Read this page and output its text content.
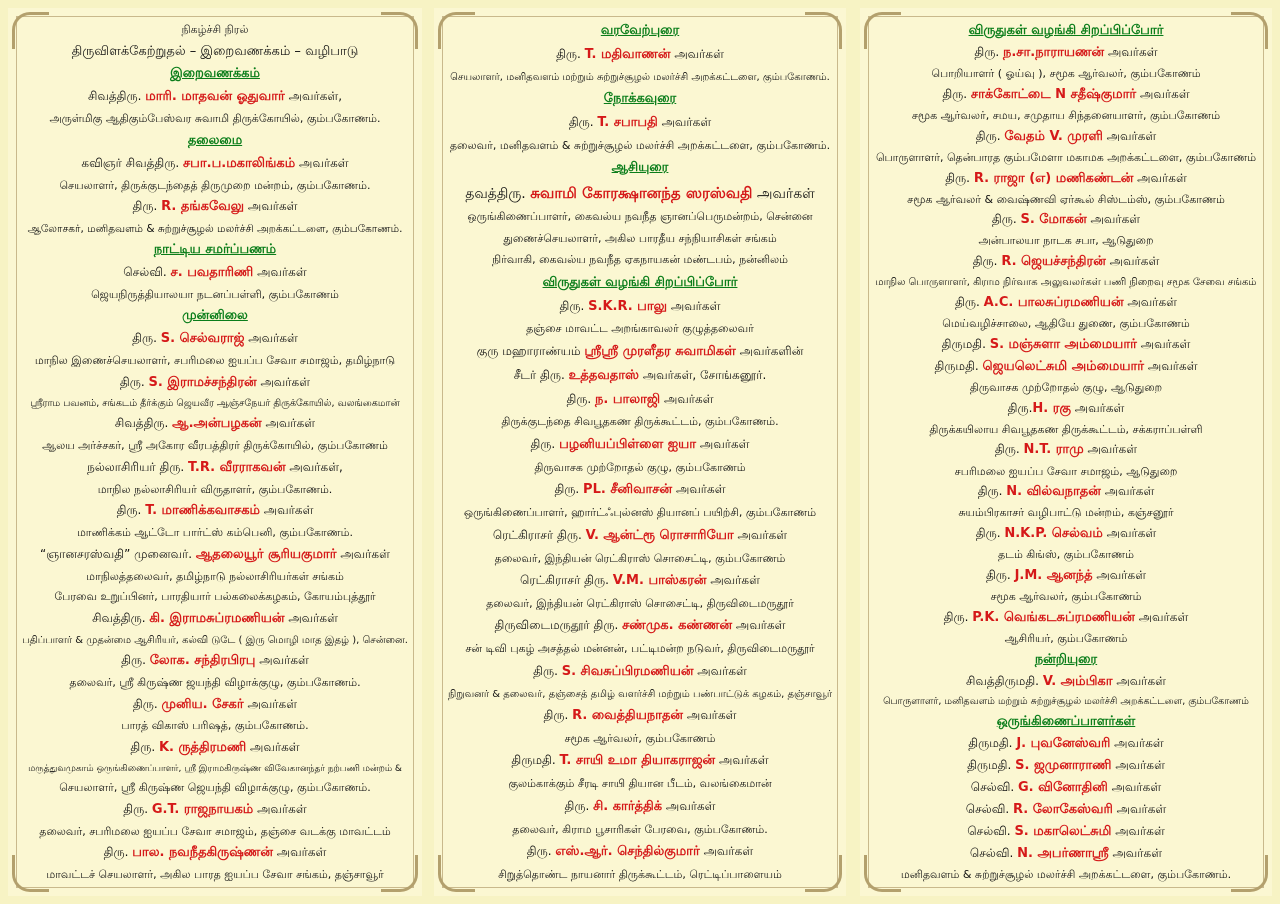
நிகழ்ச்சி நிரல்
திருவிளக்கேற்றுதல் – இறைவணக்கம் – வழிபாடு
இறைவணக்கம்
சிவத்திரு. மாரி. மாதவன் ஓதுவார் அவர்கள்,
அருள்மிகு ஆதிகும்பேஸ்வர சுவாமி திருக்கோயில், கும்பகோணம்.
தலைமை
கவிஞர் சிவத்திரு. சபா.ப.மகாலிங்கம் அவர்கள்
செயலாளர், திருக்குடந்தைத் திருமுறை மன்றம், கும்பகோணம்.
திரு. R. தங்கவேலு அவர்கள்
ஆலோசகர், மனிதவளம் & சுற்றுச்சூழல் மலர்ச்சி அறக்கட்டளை, கும்பகோணம்.
நாட்டிய சமர்ப்பணம்
செல்வி. ச. பவதாரிணி அவர்கள்
ஜெயநிருத்தியாலயா நடனப்பள்ளி, கும்பகோணம்
முன்னிலை
திரு. S. செல்வராஜ் அவர்கள்
மாநில இணைச்செயலாளர், சபரிமலை ஐயப்ப சேவா சமாஜம், தமிழ்நாடு
திரு. S. இராமச்சந்திரன் அவர்கள்
ஸ்ரீராம பவனம், சங்கடம் தீர்க்கும் ஜெயவீர ஆஞ்சநேயர் திருக்கோயில், வலங்கைமான்
சிவத்திரு. ஆ.அன்பழகன் அவர்கள்
ஆலய அர்ச்சகர், ஸ்ரீ அகோர வீரபத்திரர் திருக்கோயில், கும்பகோணம்
நல்லாசிரியர் திரு. T.R. வீரராகவன் அவர்கள்,
மாநில நல்லாசிரியர் விருதாளர், கும்பகோணம்.
திரு. T. மாணிக்கவாசகம் அவர்கள்
மாணிக்கம் ஆட்டோ பார்ட்ஸ் கம்பெனி, கும்பகோணம்.
“ஞானசரஸ்வதி” முனைவர். ஆதலையூர் சூரியகுமார் அவர்கள்
மாநிலத்தலைவர், தமிழ்நாடு நல்லாசிரியர்கள் சங்கம்
பேரவை உறுப்பினர், பாரதியார் பல்கலைக்கழகம், கோயம்புத்தூர்
சிவத்திரு. கி. இராமசுப்ரமணியன் அவர்கள்
பதிப்பாளர் & முதன்மை ஆசிரியர், கல்வி டுடே ( இரு மொழி மாத இதழ் ), சென்னை.
திரு. லோக. சந்திரபிரபு அவர்கள்
தலைவர், ஸ்ரீ கிருஷ்ண ஜயந்தி விழாக்குழு, கும்பகோணம்.
திரு. முனிய. சேகர் அவர்கள்
பாரத் விகாஸ் பரிஷத், கும்பகோணம்.
திரு. K. ருத்திரமணி அவர்கள்
மருத்துவமுகாம் ஒருங்கிணைப்பாளர், ஸ்ரீ இராமகிருஷ்ண விவேகானந்தர் நற்பணி மன்றம் &
செயலாளர், ஸ்ரீ கிருஷ்ண ஜெயந்தி விழாக்குழு, கும்பகோணம்.
திரு. G.T. ராஜநாயகம் அவர்கள்
தலைவர், சபரிமலை ஐயப்ப சேவா சமாஜம், தஞ்சை வடக்கு மாவட்டம்
திரு. பால. நவநீதகிருஷ்ணன் அவர்கள்
மாவட்டச் செயலாளர், அகில பாரத ஐயப்ப சேவா சங்கம், தஞ்சாவூர்
வரவேற்புரை
திரு. T. மதிவாணன் அவர்கள்
செயலாளர், மனிதவளம் மற்றும் சுற்றுச்சூழல் மலர்ச்சி அறக்கட்டளை, கும்பகோணம்.
நோக்கவுரை
திரு. T. சபாபதி அவர்கள்
தலைவர், மனிதவளம் & சுற்றுச்சூழல் மலர்ச்சி அறக்கட்டளை, கும்பகோணம்.
ஆசியுரை
தவத்திரு. சுவாமி கோரக்ஷானந்த ஸரஸ்வதி அவர்கள்
ஒருங்கிணைப்பாளர், கைவல்ய நவநீத ஞானப்பெருமன்றம், சென்னை
துணைச்செயலாளர், அகில பாரதீய சந்நியாசிகள் சங்கம்
நிர்வாகி, கைவல்ய நவநீத ஏகநாயகன் மண்டபம், நன்னிலம்
விருதுகள் வழங்கி சிறப்பிப்போர்
திரு. S.K.R. பாலு அவர்கள்
தஞ்சை மாவட்ட அறங்காவலர் குழுத்தலைவர்
குரு மஹாராண்யம் ஸ்ரீஸ்ரீ முரளீதர சுவாமிகள் அவர்களின்
சீடர் திரு. உத்தவதாஸ் அவர்கள், சோங்கனூர்.
திரு. ந. பாலாஜி அவர்கள்
திருக்குடந்தை சிவபூதகண திருக்கூட்டம், கும்பகோணம்.
திரு. பழனியப்பிள்ளை ஐயா அவர்கள்
திருவாசக முற்றோதல் குழு, கும்பகோணம்
திரு. PL. சீனிவாசன் அவர்கள்
ஒருங்கிணைப்பாளர், ஹார்ட்ஃபுல்னஸ் தியானப் பயிற்சி, கும்பகோணம்
ரெட்கிராசர் திரு. V. ஆன்ட்ரூ ரொசாரியோ அவர்கள்
தலைவர், இந்தியன் ரெட்கிராஸ் சொசைட்டி, கும்பகோணம்
ரெட்கிராசர் திரு. V.M. பாஸ்கரன் அவர்கள்
தலைவர், இந்தியன் ரெட்கிராஸ் சொசைட்டி, திருவிடைமருதூர்
திருவிடைமருதூர் திரு. சண்முக. கண்ணன் அவர்கள்
சன் டிவி புகழ் அசத்தல் மன்னன், பட்டிமன்ற நடுவர், திருவிடைமருதூர்
திரு. S. சிவசுப்பிரமணியன் அவர்கள்
நிறுவனர் & தலைவர், தஞ்சைத் தமிழ் வளர்ச்சி மற்றும் பண்பாட்டுக் கழகம், தஞ்சாவூர்
திரு. R. வைத்தியநாதன் அவர்கள்
சமூக ஆர்வலர், கும்பகோணம்
திருமதி. T. சாயி உமா தியாகராஜன் அவர்கள்
குலம்காக்கும் சீரடி சாயி தியான பீடம், வலங்கைமான்
திரு. சி. கார்த்திக் அவர்கள்
தலைவர், கிராம பூசாரிகள் பேரவை, கும்பகோணம்.
திரு. எஸ்.ஆர். செந்தில்குமார் அவர்கள்
சிறுத்தொண்ட நாயனார் திருக்கூட்டம், ரெட்டிப்பாளையம்
விருதுகள் வழங்கி சிறப்பிப்போர்
திரு. ந.சா.நாராயணன் அவர்கள்
பொறியாளர் ( ஓய்வு ), சமூக ஆர்வலர், கும்பகோணம்
திரு. சாக்கோட்டை N சதீஷ்குமார் அவர்கள்
சமூக ஆர்வலர், சமய, சமுதாய சிந்தனையாளர், கும்பகோணம்
திரு. வேதம் V. முரளி அவர்கள்
பொருளாளர், தென்பாரத கும்பமேளா மகாமக அறக்கட்டளை, கும்பகோணம்
திரு. R. ராஜா (எ) மணிகண்டன் அவர்கள்
சமூக ஆர்வலர் & வைஷ்ணவி ஏர்கூல் சிஸ்டம்ஸ், கும்பகோணம்
திரு. S. மோகன் அவர்கள்
அன்பாலயா நாடக சபா, ஆடுதுறை
திரு. R. ஜெயச்சந்திரன் அவர்கள்
மாநில பொருளாளர், கிராம நிர்வாக அலுவலர்கள் பணி நிறைவு சமூக சேவை சங்கம்
திரு. A.C. பாலசுப்ரமணியன் அவர்கள்
மெய்வழிச்சாலை, ஆதியே துணை, கும்பகோணம்
திருமதி. S. மஞ்சுளா அம்மையார் அவர்கள்
திருமதி. ஜெயலெட்சுமி அம்மையார் அவர்கள்
திருவாசக முற்றோதல் குழு, ஆடுதுறை
திரு.H. ரகு அவர்கள்
திருக்கயிலாய சிவபூதகண திருக்கூட்டம், சக்கராப்பள்ளி
திரு. N.T. ராமு அவர்கள்
சபரிமலை ஐயப்ப சேவா சமாஜம், ஆடுதுறை
திரு. N. வில்வநாதன் அவர்கள்
சுயம்பிரகாசர் வழிபாட்டு மன்றம், கஞ்சனூர்
திரு. N.K.P. செல்வம் அவர்கள்
தடம் கிங்ஸ், கும்பகோணம்
திரு. J.M. ஆனந்த் அவர்கள்
சமூக ஆர்வலர், கும்பகோணம்
திரு. P.K. வெங்கடசுப்ரமணியன் அவர்கள்
ஆசிரியர், கும்பகோணம்
நன்றியுரை
சிவத்திருமதி. V. அம்பிகா அவர்கள்
பொருளாளர், மனிதவளம் மற்றும் சுற்றுச்சூழல் மலர்ச்சி அறக்கட்டளை, கும்பகோணம்
ஒருங்கிணைப்பாளர்கள்
திருமதி. J. புவனேஸ்வரி அவர்கள்
திருமதி. S. ஜமுனாராணி அவர்கள்
செல்வி. G. வினோதினி அவர்கள்
செல்வி. R. லோகேஸ்வரி அவர்கள்
செல்வி. S. மகாலெட்சுமி அவர்கள்
செல்வி. N. அபர்ணாஸ்ரீ அவர்கள்
மனிதவளம் & சுற்றுச்சூழல் மலர்ச்சி அறக்கட்டளை, கும்பகோணம்.
